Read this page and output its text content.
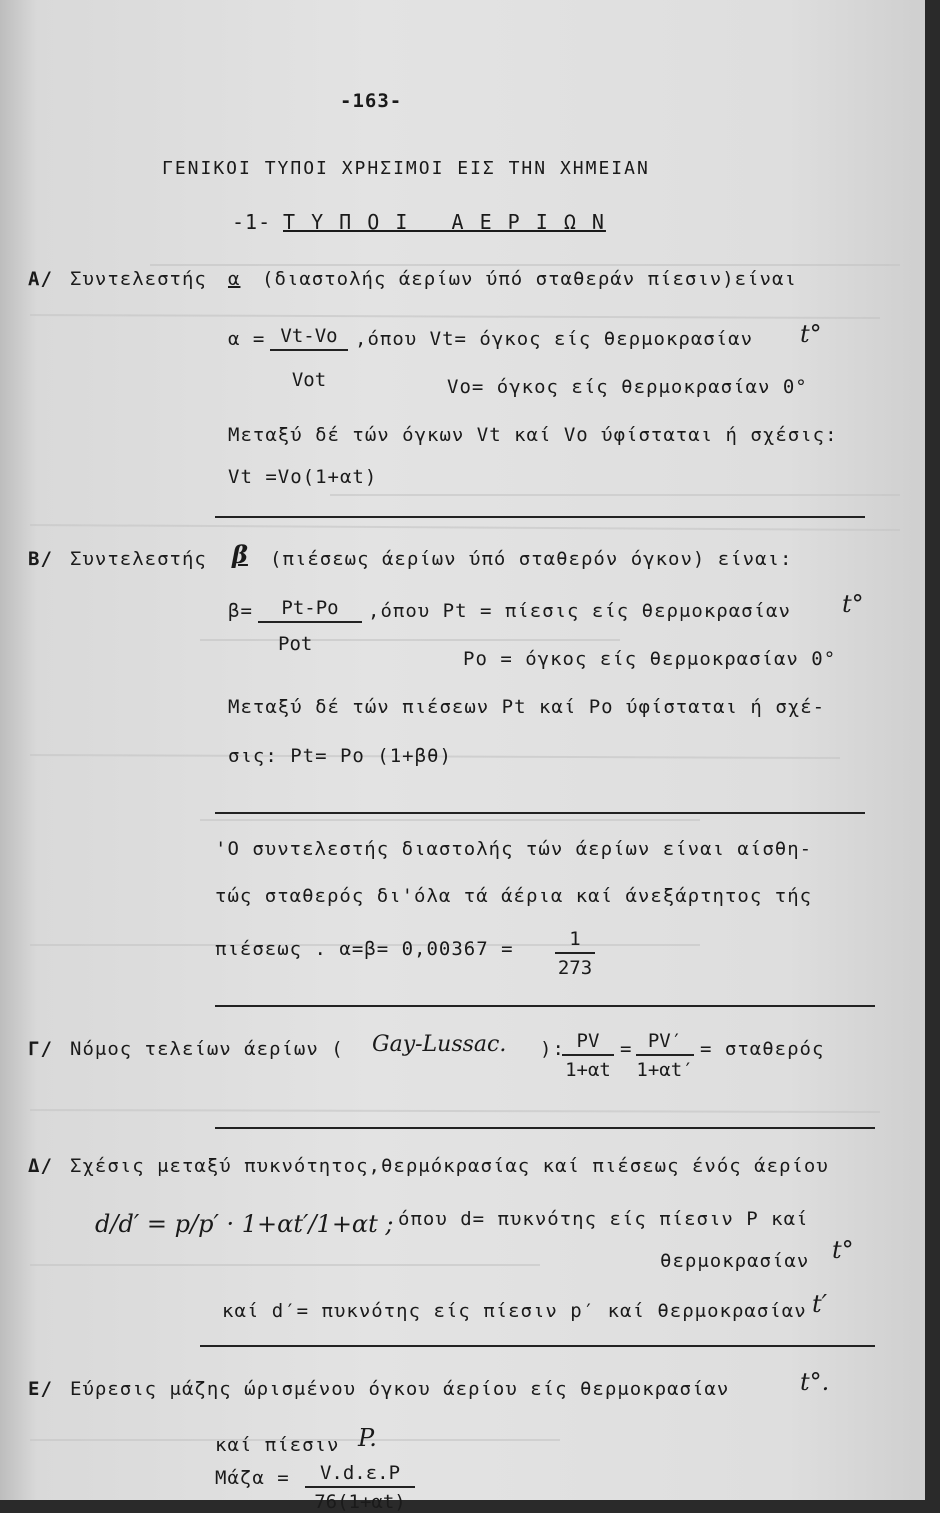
-163-
ΓΕΝΙΚΟΙ ΤΥΠΟΙ ΧΡΗΣΙΜΟΙ ΕΙΣ ΤΗΝ ΧΗΜΕΙΑΝ
-1- Τ Υ Π Ο Ι   Α Ε Ρ Ι Ω Ν
Α/ Συντελεστής α (διαστολής άερίων ύπό σταθεράν πίεσιν)είναι
α = Vt-Vo
Vot
,όπου Vt= όγκος είς θερμοκρασίαν t°
Vo= όγκος είς θερμοκρασίαν 0°
Μεταξύ δέ τών όγκων Vt καί Vo ύφίσταται ή σχέσις:
Vt =Vo(1+αt)
Β/ Συντελεστής β (πιέσεως άερίων ύπό σταθερόν όγκον) είναι:
β=	Pt-Po
Pot
,όπου Pt = πίεσις είς θερμοκρασίαν t°
Po = όγκος είς θερμοκρασίαν 0°
Μεταξύ δέ τών πιέσεων Pt καί Po ύφίσταται ή σχέ-
σις: Pt= Po (1+βθ)
'Ο συντελεστής διαστολής τών άερίων είναι αίσθη-
τώς σταθερός δι'όλα τά άέρια καί άνεξάρτητος τής
πιέσεως . $\alpha=\beta= 0,00367 = \frac{1}{273}$
Γ/ Νόμος τελείων άερίων ( Gay-Lussac. ):
$\frac{PV}{1+\alpha t} = \frac{PV'}{1+\alpha t'} = \sigma\tau\alpha\theta\varepsilon\rho ό\varsigma$
Δ/ Σχέσις μεταξύ πυκνότητος,θερμόκρασίας καί πιέσεως ένός άερίου
d/d′ = p/p′ · 1+αt′/1+αt ; όπου d= πυκνότης είς πίεσιν Ρ καί
θερμοκρασίαν t°
καί d′= πυκνότης είς πίεσιν p′ καί θερμοκρασίαν t′
Ε/ Εύρεσις μάζης ώρισμένου όγκου άερίου είς θερμοκρασίαν	t°.
καί πίεσιν P.
$Mά\zeta\alpha = \frac{V.d.\varepsilon.P}{76(1+\alpha t)}$
